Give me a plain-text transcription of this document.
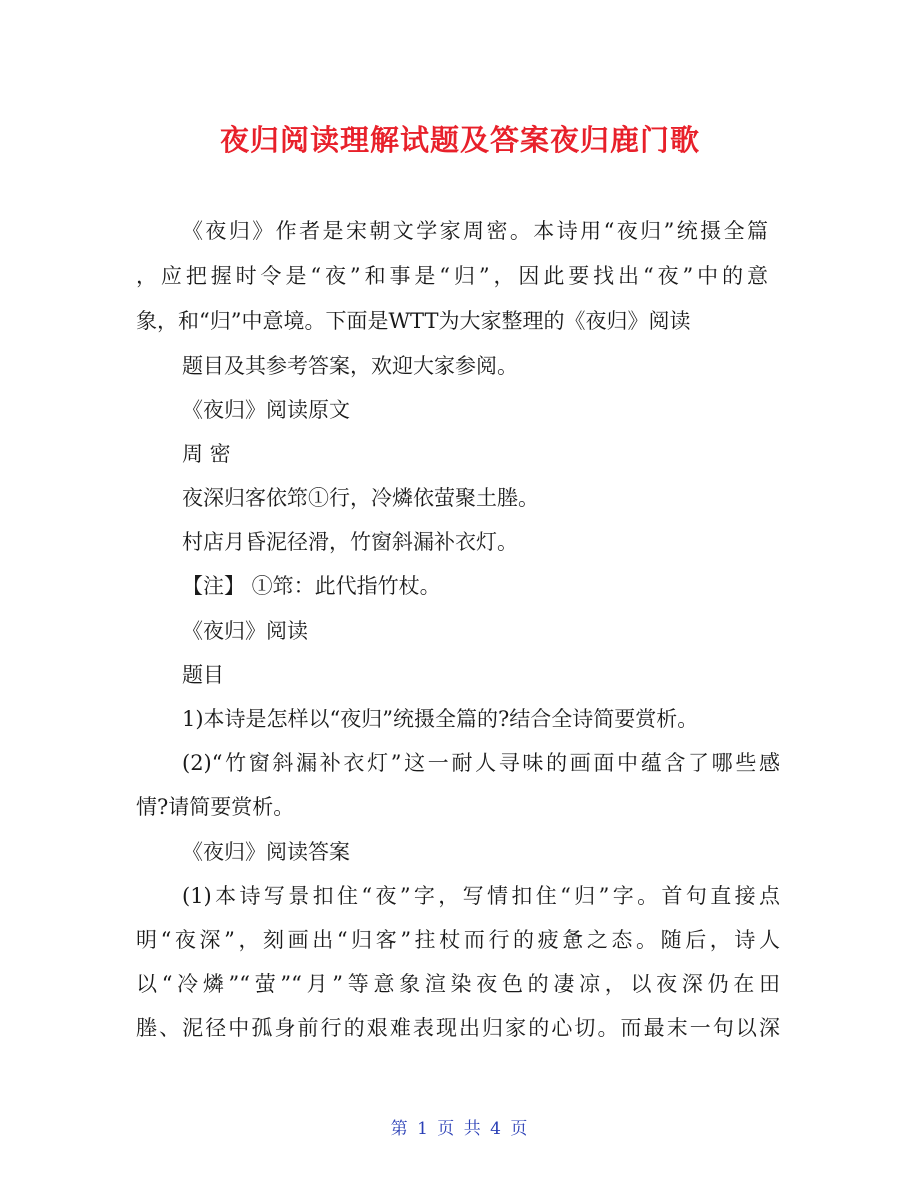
夜归阅读理解试题及答案夜归鹿门歌
《夜归》作者是宋朝文学家周密。本诗用“夜归”统摄全篇
，应把握时令是“夜”和事是“归”，因此要找出“夜”中的意
象，和“归”中意境。下面是WTT为大家整理的《夜归》阅读
题目及其参考答案，欢迎大家参阅。
《夜归》阅读原文
周 密
夜深归客依筇①行，冷燐依萤聚土塍。
村店月昏泥径滑，竹窗斜漏补衣灯。
【注】 ①筇：此代指竹杖。
《夜归》阅读
题目
1)本诗是怎样以“夜归”统摄全篇的?结合全诗简要赏析。
(2)“竹窗斜漏补衣灯”这一耐人寻味的画面中蕴含了哪些感
情?请简要赏析。
《夜归》阅读答案
(1)本诗写景扣住“夜”字，写情扣住“归”字。首句直接点
明“夜深”，刻画出“归客”拄杖而行的疲惫之态。随后，诗人
以“冷燐”“萤”“月”等意象渲染夜色的凄凉，以夜深仍在田
塍、泥径中孤身前行的艰难表现出归家的心切。而最末一句以深
第 1 页 共 4 页
